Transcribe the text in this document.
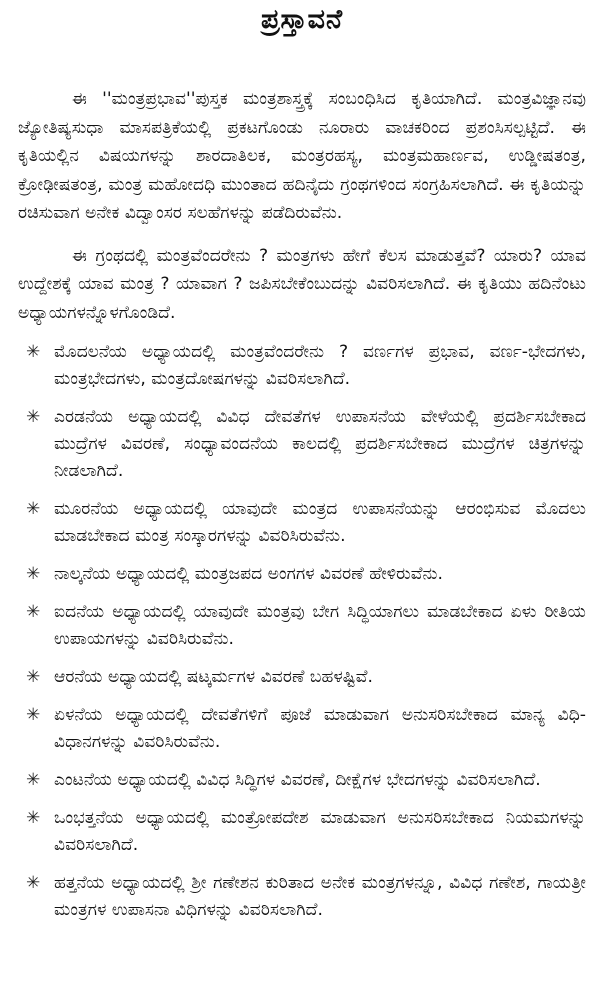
ಪ್ರಸ್ತಾವನೆ

ಈ ''ಮಂತ್ರಪ್ರಭಾವ''ಪುಸ್ತಕ ಮಂತ್ರಶಾಸ್ತ್ರಕ್ಕೆ ಸಂಬಂಧಿಸಿದ ಕೃತಿಯಾಗಿದೆ. ಮಂತ್ರವಿಜ್ಞಾನವು ಜ್ಯೋತಿಷ್ಯಸುಧಾ ಮಾಸಪತ್ರಿಕೆಯಲ್ಲಿ ಪ್ರಕಟಗೊಂಡು ನೂರಾರು ವಾಚಕರಿಂದ ಪ್ರಶಂಸಿಸಲ್ಪಟ್ಟಿದೆ. ಈ ಕೃತಿಯಲ್ಲಿನ ವಿಷಯಗಳನ್ನು ಶಾರದಾತಿಲಕ, ಮಂತ್ರರಹಸ್ಯ, ಮಂತ್ರಮಹಾರ್ಣವ, ಉಡ್ಡೀಷತಂತ್ರ, ಕ್ರೋಢೀಷತಂತ್ರ, ಮಂತ್ರ ಮಹೋದಧಿ ಮುಂತಾದ ಹದಿನೈದು ಗ್ರಂಥಗಳಿಂದ ಸಂಗ್ರಹಿಸಲಾಗಿದೆ. ಈ ಕೃತಿಯನ್ನು ರಚಿಸುವಾಗ ಅನೇಕ ವಿದ್ವಾಂಸರ ಸಲಹೆಗಳನ್ನು ಪಡೆದಿರುವೆನು.

ಈ ಗ್ರಂಥದಲ್ಲಿ ಮಂತ್ರವೆಂದರೇನು ? ಮಂತ್ರಗಳು ಹೇಗೆ ಕೆಲಸ ಮಾಡುತ್ತವೆ? ಯಾರು? ಯಾವ ಉದ್ದೇಶಕ್ಕೆ ಯಾವ ಮಂತ್ರ ? ಯಾವಾಗ ? ಜಪಿಸಬೇಕೆಂಬುದನ್ನು ವಿವರಿಸಲಾಗಿದೆ. ಈ ಕೃತಿಯು ಹದಿನೆಂಟು ಅಧ್ಯಾಯಗಳನ್ನೊಳಗೊಂಡಿದೆ.

✳ ಮೊದಲನೆಯ ಅಧ್ಯಾಯದಲ್ಲಿ ಮಂತ್ರವೆಂದರೇನು ? ವರ್ಣಗಳ ಪ್ರಭಾವ, ವರ್ಣ-ಭೇದಗಳು, ಮಂತ್ರಭೇದಗಳು, ಮಂತ್ರದೋಷಗಳನ್ನು ವಿವರಿಸಲಾಗಿದೆ.
✳ ಎರಡನೆಯ ಅಧ್ಯಾಯದಲ್ಲಿ ವಿವಿಧ ದೇವತೆಗಳ ಉಪಾಸನೆಯ ವೇಳೆಯಲ್ಲಿ ಪ್ರದರ್ಶಿಸಬೇಕಾದ ಮುದ್ರೆಗಳ ವಿವರಣೆ, ಸಂಧ್ಯಾವಂದನೆಯ ಕಾಲದಲ್ಲಿ ಪ್ರದರ್ಶಿಸಬೇಕಾದ ಮುದ್ರೆಗಳ ಚಿತ್ರಗಳನ್ನು ನೀಡಲಾಗಿದೆ.
✳ ಮೂರನೆಯ ಅಧ್ಯಾಯದಲ್ಲಿ ಯಾವುದೇ ಮಂತ್ರದ ಉಪಾಸನೆಯನ್ನು ಆರಂಭಿಸುವ ಮೊದಲು ಮಾಡಬೇಕಾದ ಮಂತ್ರ ಸಂಸ್ಕಾರಗಳನ್ನು ವಿವರಿಸಿರುವೆನು.
✳ ನಾಲ್ಕನೆಯ ಅಧ್ಯಾಯದಲ್ಲಿ ಮಂತ್ರಜಪದ ಅಂಗಗಳ ವಿವರಣೆ ಹೇಳಿರುವೆನು.
✳ ಐದನೆಯ ಅಧ್ಯಾಯದಲ್ಲಿ ಯಾವುದೇ ಮಂತ್ರವು ಬೇಗ ಸಿದ್ಧಿಯಾಗಲು ಮಾಡಬೇಕಾದ ಏಳು ರೀತಿಯ ಉಪಾಯಗಳನ್ನು ವಿವರಿಸಿರುವೆನು.
✳ ಆರನೆಯ ಅಧ್ಯಾಯದಲ್ಲಿ ಷಟ್ಕರ್ಮಗಳ ವಿವರಣೆ ಬಹಳಷ್ಟಿವೆ.
✳ ಏಳನೆಯ ಅಧ್ಯಾಯದಲ್ಲಿ ದೇವತೆಗಳಿಗೆ ಪೂಜೆ ಮಾಡುವಾಗ ಅನುಸರಿಸಬೇಕಾದ ಮಾನ್ಯ ವಿಧಿ-ವಿಧಾನಗಳನ್ನು ವಿವರಿಸಿರುವೆನು.
✳ ಎಂಟನೆಯ ಅಧ್ಯಾಯದಲ್ಲಿ ವಿವಿಧ ಸಿದ್ಧಿಗಳ ವಿವರಣೆ, ದೀಕ್ಷೆಗಳ ಭೇದಗಳನ್ನು ವಿವರಿಸಲಾಗಿದೆ.
✳ ಒಂಭತ್ತನೆಯ ಅಧ್ಯಾಯದಲ್ಲಿ ಮಂತ್ರೋಪದೇಶ ಮಾಡುವಾಗ ಅನುಸರಿಸಬೇಕಾದ ನಿಯಮಗಳನ್ನು ವಿವರಿಸಲಾಗಿದೆ.
✳ ಹತ್ತನೆಯ ಅಧ್ಯಾಯದಲ್ಲಿ ಶ್ರೀ ಗಣೇಶನ ಕುರಿತಾದ ಅನೇಕ ಮಂತ್ರಗಳನ್ನೂ, ವಿವಿಧ ಗಣೇಶ, ಗಾಯತ್ರೀ ಮಂತ್ರಗಳ ಉಪಾಸನಾ ವಿಧಿಗಳನ್ನು ವಿವರಿಸಲಾಗಿದೆ.
